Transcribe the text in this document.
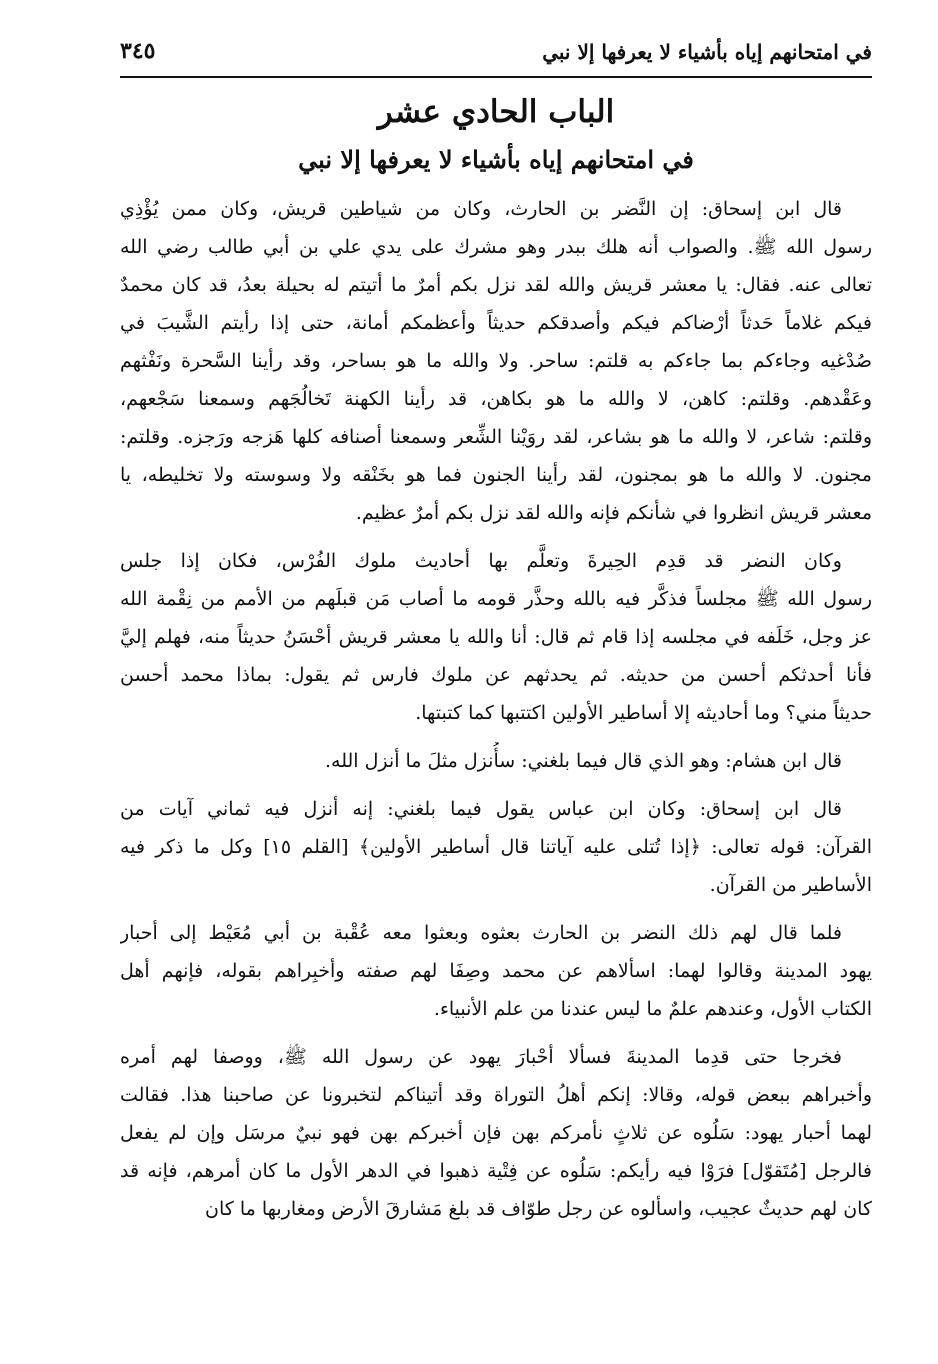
في امتحانهم إياه بأشياء لا يعرفها إلا نبي
٣٤٥
الباب الحادي عشر
في امتحانهم إياه بأشياء لا يعرفها إلا نبي
قال ابن إسحاق: إن النَّضر بن الحارث، وكان من شياطين قريش، وكان ممن يُؤْذِي
رسول الله ﷺ. والصواب أنه هلك ببدر وهو مشرك على يدي علي بن أبي طالب رضي الله
تعالى عنه. فقال: يا معشر قريش والله لقد نزل بكم أمرٌ ما أتيتم له بحيلة بعدُ، قد كان محمدٌ
فيكم غلاماً حَدثاً أرْضاكم فيكم وأصدقكم حديثاً وأعظمكم أمانة، حتى إذا رأيتم الشَّيبَ في
صُدْغيه وجاءكم بما جاءكم به قلتم: ساحر. ولا والله ما هو بساحر، وقد رأينا السَّحرة ونَفْثهم
وعَقْدهم. وقلتم: كاهن، لا والله ما هو بكاهن، قد رأينا الكهنة تَخالُجَهم وسمعنا سَجْعهم،
وقلتم: شاعر، لا والله ما هو بشاعر، لقد روَيْنا الشِّعر وسمعنا أصنافه كلها هَزجه ورَجزه. وقلتم:
مجنون. لا والله ما هو بمجنون، لقد رأينا الجنون فما هو بخَنْقه ولا وسوسته ولا تخليطه، يا
معشر قريش انظروا في شأنكم فإنه والله لقد نزل بكم أمرٌ عظيم.
وكان النضر قد قدِم الحِيرةَ وتعلَّم بها أحاديث ملوك الفُرْس، فكان إذا جلس
رسول الله ﷺ مجلساً فذكَّر فيه بالله وحذَّر قومه ما أصاب مَن قبلَهم من الأمم من نِقْمة الله
عز وجل، خَلَفه في مجلسه إذا قام ثم قال: أنا والله يا معشر قريش أحْسَنُ حديثاً منه، فهلم إليَّ
فأنا أحدثكم أحسن من حديثه. ثم يحدثهم عن ملوك فارس ثم يقول: بماذا محمد أحسن
حديثاً مني؟ وما أحاديثه إلا أساطير الأولين اكتتبها كما كتبتها.
قال ابن هشام: وهو الذي قال فيما بلغني: سأُنزل مثلَ ما أنزل الله.
قال ابن إسحاق: وكان ابن عباس يقول فيما بلغني: إنه أنزل فيه ثماني آيات من
القرآن: قوله تعالى: ﴿إذا تُتلى عليه آياتنا قال أساطير الأولين﴾ [القلم ١٥] وكل ما ذكر فيه
الأساطير من القرآن.
فلما قال لهم ذلك النضر بن الحارث بعثوه وبعثوا معه عُقْبة بن أبي مُعَيْط إلى أحبار
يهود المدينة وقالوا لهما: اسألاهم عن محمد وصِفَا لهم صفته وأخبِراهم بقوله، فإنهم أهل
الكتاب الأول، وعندهم علمٌ ما ليس عندنا من علم الأنبياء.
فخرجا حتى قدِما المدينةَ فسألا أحْبارَ يهود عن رسول الله ﷺ، ووصفا لهم أمره
وأخبراهم ببعض قوله، وقالا: إنكم أهلُ التوراة وقد أتيناكم لتخبرونا عن صاحبنا هذا. فقالت
لهما أحبار يهود: سَلُوه عن ثلاثٍ نأمركم بهن فإن أخبركم بهن فهو نبيٌ مرسَل وإن لم يفعل
فالرجل [مُتَقوّل] فرَوْا فيه رأيكم: سَلُوه عن فِتْية ذهبوا في الدهر الأول ما كان أمرهم، فإنه قد
كان لهم حديثٌ عجيب، واسألوه عن رجل طوّاف قد بلغ مَشارقَ الأرض ومغاربها ما كان
